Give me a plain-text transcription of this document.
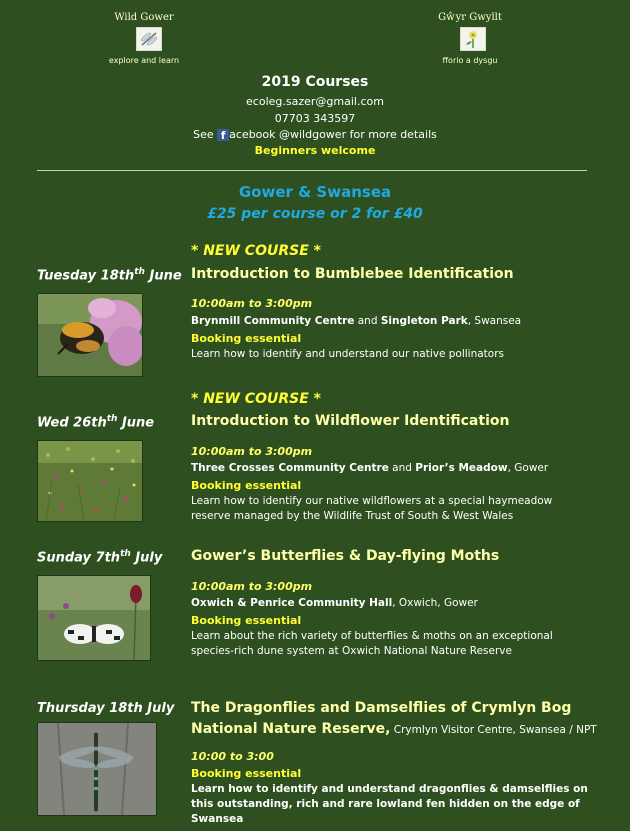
Wild Gower
explore and learn
Gŵyr Gwyllt
fforio a dysgu
2019 Courses
ecoleg.sazer@gmail.com
07703 343597
See f acebook @wildgower for more details
Beginners welcome
Gower & Swansea
£25 per course or 2 for £40
* NEW COURSE *
Tuesday $18th^{th}$ June Introduction to Bumblebee Identification
10:00am to 3:00pm
Brynmill Community Centre and Singleton Park, Swansea
Booking essential
Learn how to identify and understand our native pollinators
* NEW COURSE *
Wed $26th^{th}$ June	Introduction to Wildflower Identification
10:00am to 3:00pm
Three Crosses Community Centre and Prior’s Meadow, Gower
Booking essential
Learn how to identify our native wildflowers at a special haymeadow reserve managed by the Wildlife Trust of South & West Wales
Sunday $7th^{th}$ July Gower’s Butterflies & Day-flying Moths
10:00am to 3:00pm
Oxwich & Penrice Community Hall, Oxwich, Gower
Booking essential
Learn about the rich variety of butterflies & moths on an exceptional species-rich dune system at Oxwich National Nature Reserve
Thursday 18th July The Dragonflies and Damselflies of Crymlyn Bog
National Nature Reserve, Crymlyn Visitor Centre, Swansea / NPT
10:00 to 3:00
Booking essential
Learn how to identify and understand dragonflies & damselflies on this outstanding, rich and rare lowland fen hidden on the edge of Swansea
